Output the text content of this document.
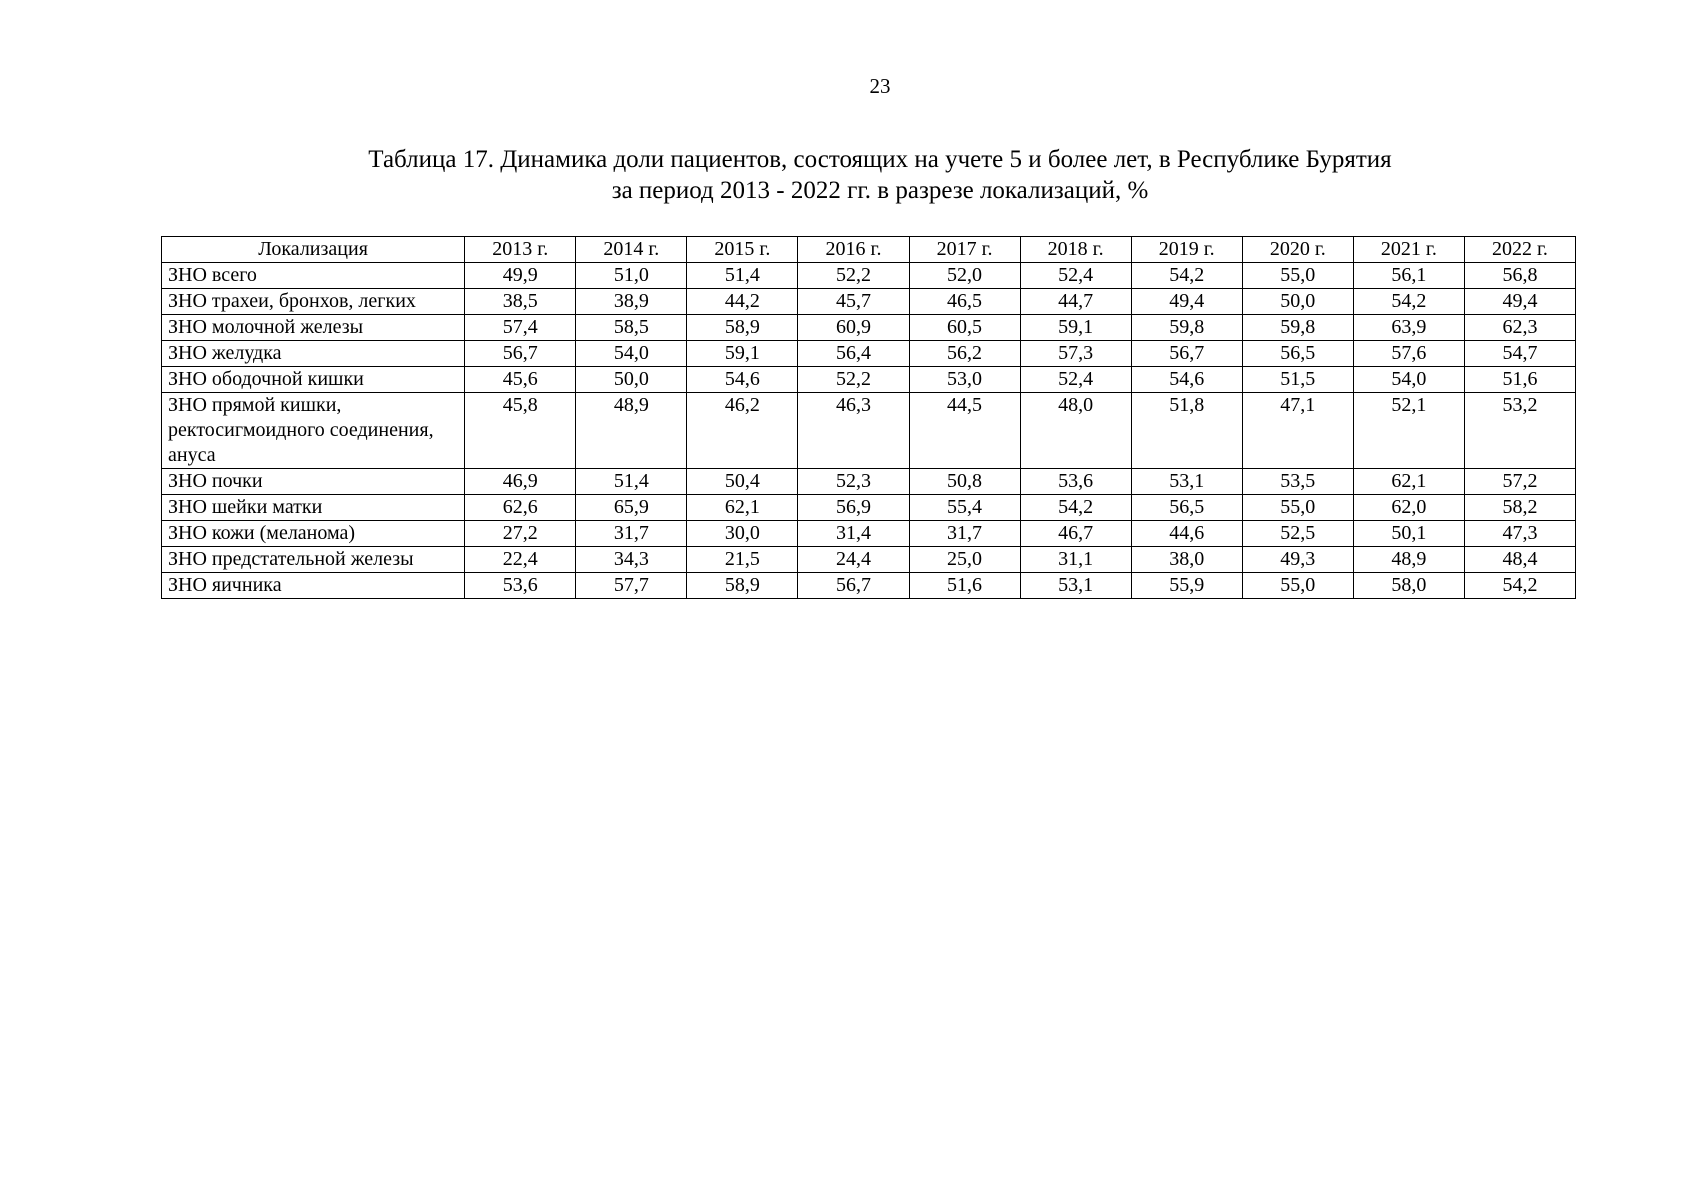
23
Таблица 17. Динамика доли пациентов, состоящих на учете 5 и более лет, в Республике Бурятия
за период 2013 - 2022 гг. в разрезе локализаций, %
Локализация	2013 г.	2014 г.	2015 г.	2016 г.	2017 г.	2018 г.	2019 г.	2020 г.	2021 г.	2022 г.
ЗНО всего	49,9	51,0	51,4	52,2	52,0	52,4	54,2	55,0	56,1	56,8
ЗНО трахеи, бронхов, легких	38,5	38,9	44,2	45,7	46,5	44,7	49,4	50,0	54,2	49,4
ЗНО молочной железы	57,4	58,5	58,9	60,9	60,5	59,1	59,8	59,8	63,9	62,3
ЗНО желудка	56,7	54,0	59,1	56,4	56,2	57,3	56,7	56,5	57,6	54,7
ЗНО ободочной кишки	45,6	50,0	54,6	52,2	53,0	52,4	54,6	51,5	54,0	51,6
ЗНО прямой кишки, ректосигмоидного соединения, ануса	45,8	48,9	46,2	46,3	44,5	48,0	51,8	47,1	52,1	53,2
ЗНО почки	46,9	51,4	50,4	52,3	50,8	53,6	53,1	53,5	62,1	57,2
ЗНО шейки матки	62,6	65,9	62,1	56,9	55,4	54,2	56,5	55,0	62,0	58,2
ЗНО кожи (меланома)	27,2	31,7	30,0	31,4	31,7	46,7	44,6	52,5	50,1	47,3
ЗНО предстательной железы	22,4	34,3	21,5	24,4	25,0	31,1	38,0	49,3	48,9	48,4
ЗНО яичника	53,6	57,7	58,9	56,7	51,6	53,1	55,9	55,0	58,0	54,2
